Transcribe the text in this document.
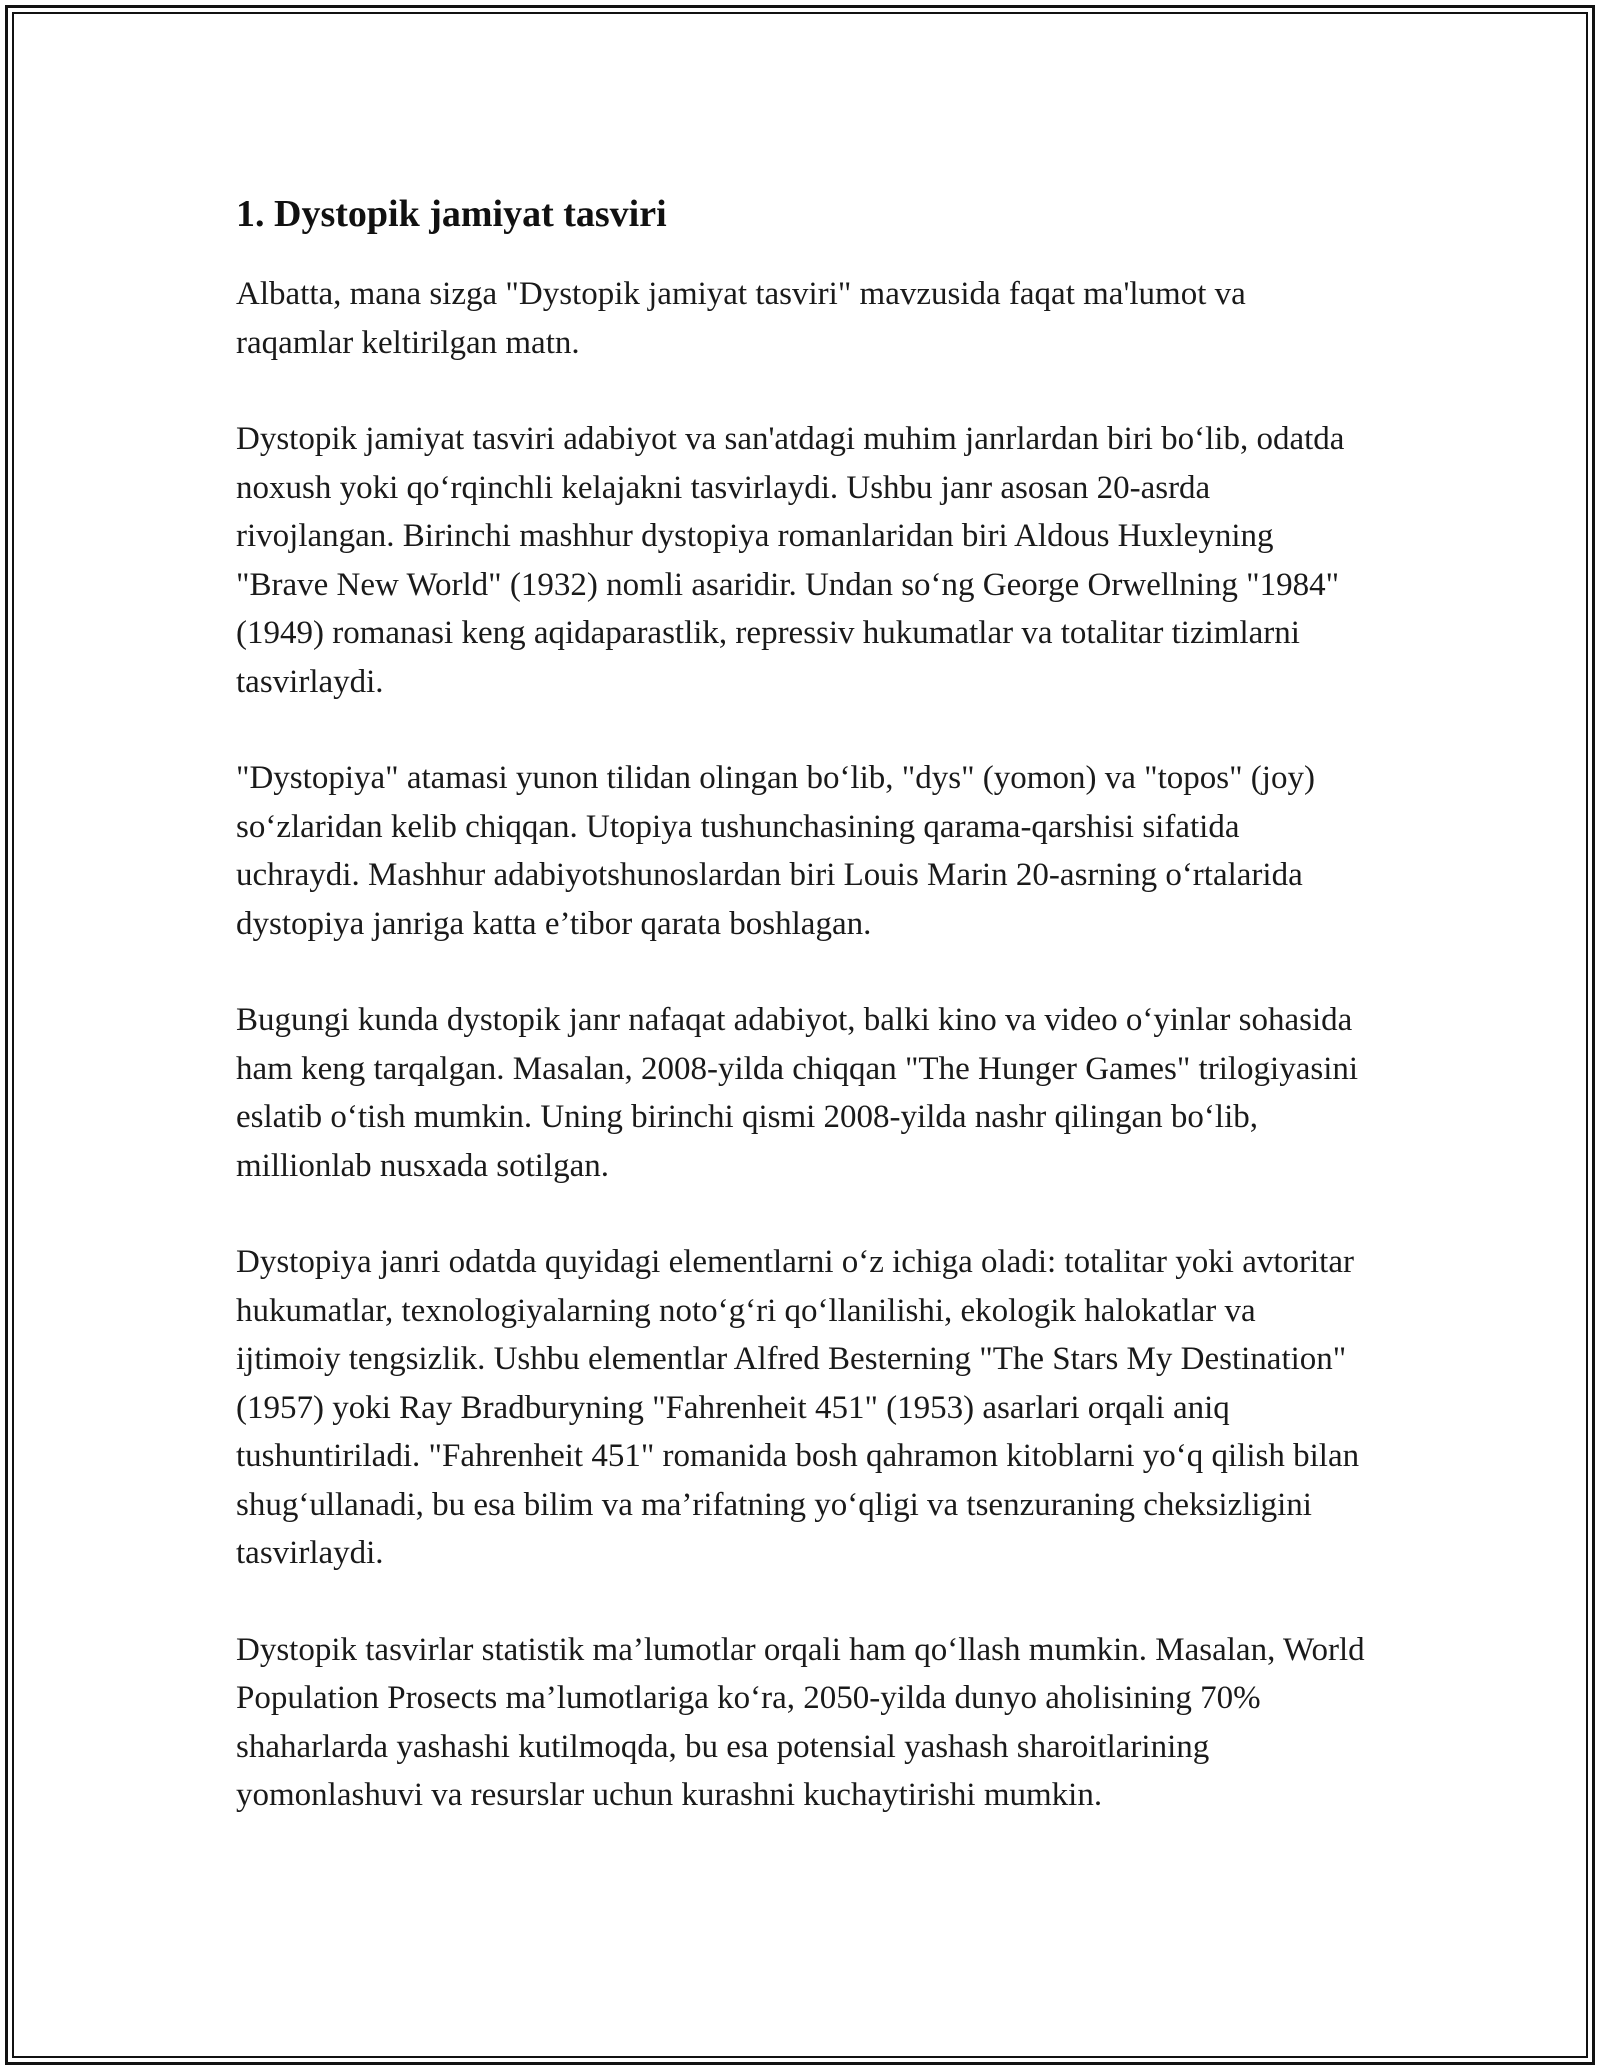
1. Dystopik jamiyat tasviri

Albatta, mana sizga "Dystopik jamiyat tasviri" mavzusida faqat ma'lumot va raqamlar keltirilgan matn.

Dystopik jamiyat tasviri adabiyot va san'atdagi muhim janrlardan biri bo‘lib, odatda noxush yoki qo‘rqinchli kelajakni tasvirlaydi. Ushbu janr asosan 20-asrda rivojlangan. Birinchi mashhur dystopiya romanlaridan biri Aldous Huxleyning "Brave New World" (1932) nomli asaridir. Undan so‘ng George Orwellning "1984" (1949) romanasi keng aqidaparastlik, repressiv hukumatlar va totalitar tizimlarni tasvirlaydi.

"Dystopiya" atamasi yunon tilidan olingan bo‘lib, "dys" (yomon) va "topos" (joy) so‘zlaridan kelib chiqqan. Utopiya tushunchasining qarama-qarshisi sifatida uchraydi. Mashhur adabiyotshunoslardan biri Louis Marin 20-asrning o‘rtalarida dystopiya janriga katta e’tibor qarata boshlagan.

Bugungi kunda dystopik janr nafaqat adabiyot, balki kino va video o‘yinlar sohasida ham keng tarqalgan. Masalan, 2008-yilda chiqqan "The Hunger Games" trilogiyasini eslatib o‘tish mumkin. Uning birinchi qismi 2008-yilda nashr qilingan bo‘lib, millionlab nusxada sotilgan.

Dystopiya janri odatda quyidagi elementlarni o‘z ichiga oladi: totalitar yoki avtoritar hukumatlar, texnologiyalarning noto‘g‘ri qo‘llanilishi, ekologik halokatlar va ijtimoiy tengsizlik. Ushbu elementlar Alfred Besterning "The Stars My Destination" (1957) yoki Ray Bradburyning "Fahrenheit 451" (1953) asarlari orqali aniq tushuntiriladi. "Fahrenheit 451" romanida bosh qahramon kitoblarni yo‘q qilish bilan shug‘ullanadi, bu esa bilim va ma’rifatning yo‘qligi va tsenzuraning cheksizligini tasvirlaydi.

Dystopik tasvirlar statistik ma’lumotlar orqali ham qo‘llash mumkin. Masalan, World Population Prosects ma’lumotlariga ko‘ra, 2050-yilda dunyo aholisining 70% shaharlarda yashashi kutilmoqda, bu esa potensial yashash sharoitlarining yomonlashuvi va resurslar uchun kurashni kuchaytirishi mumkin.
